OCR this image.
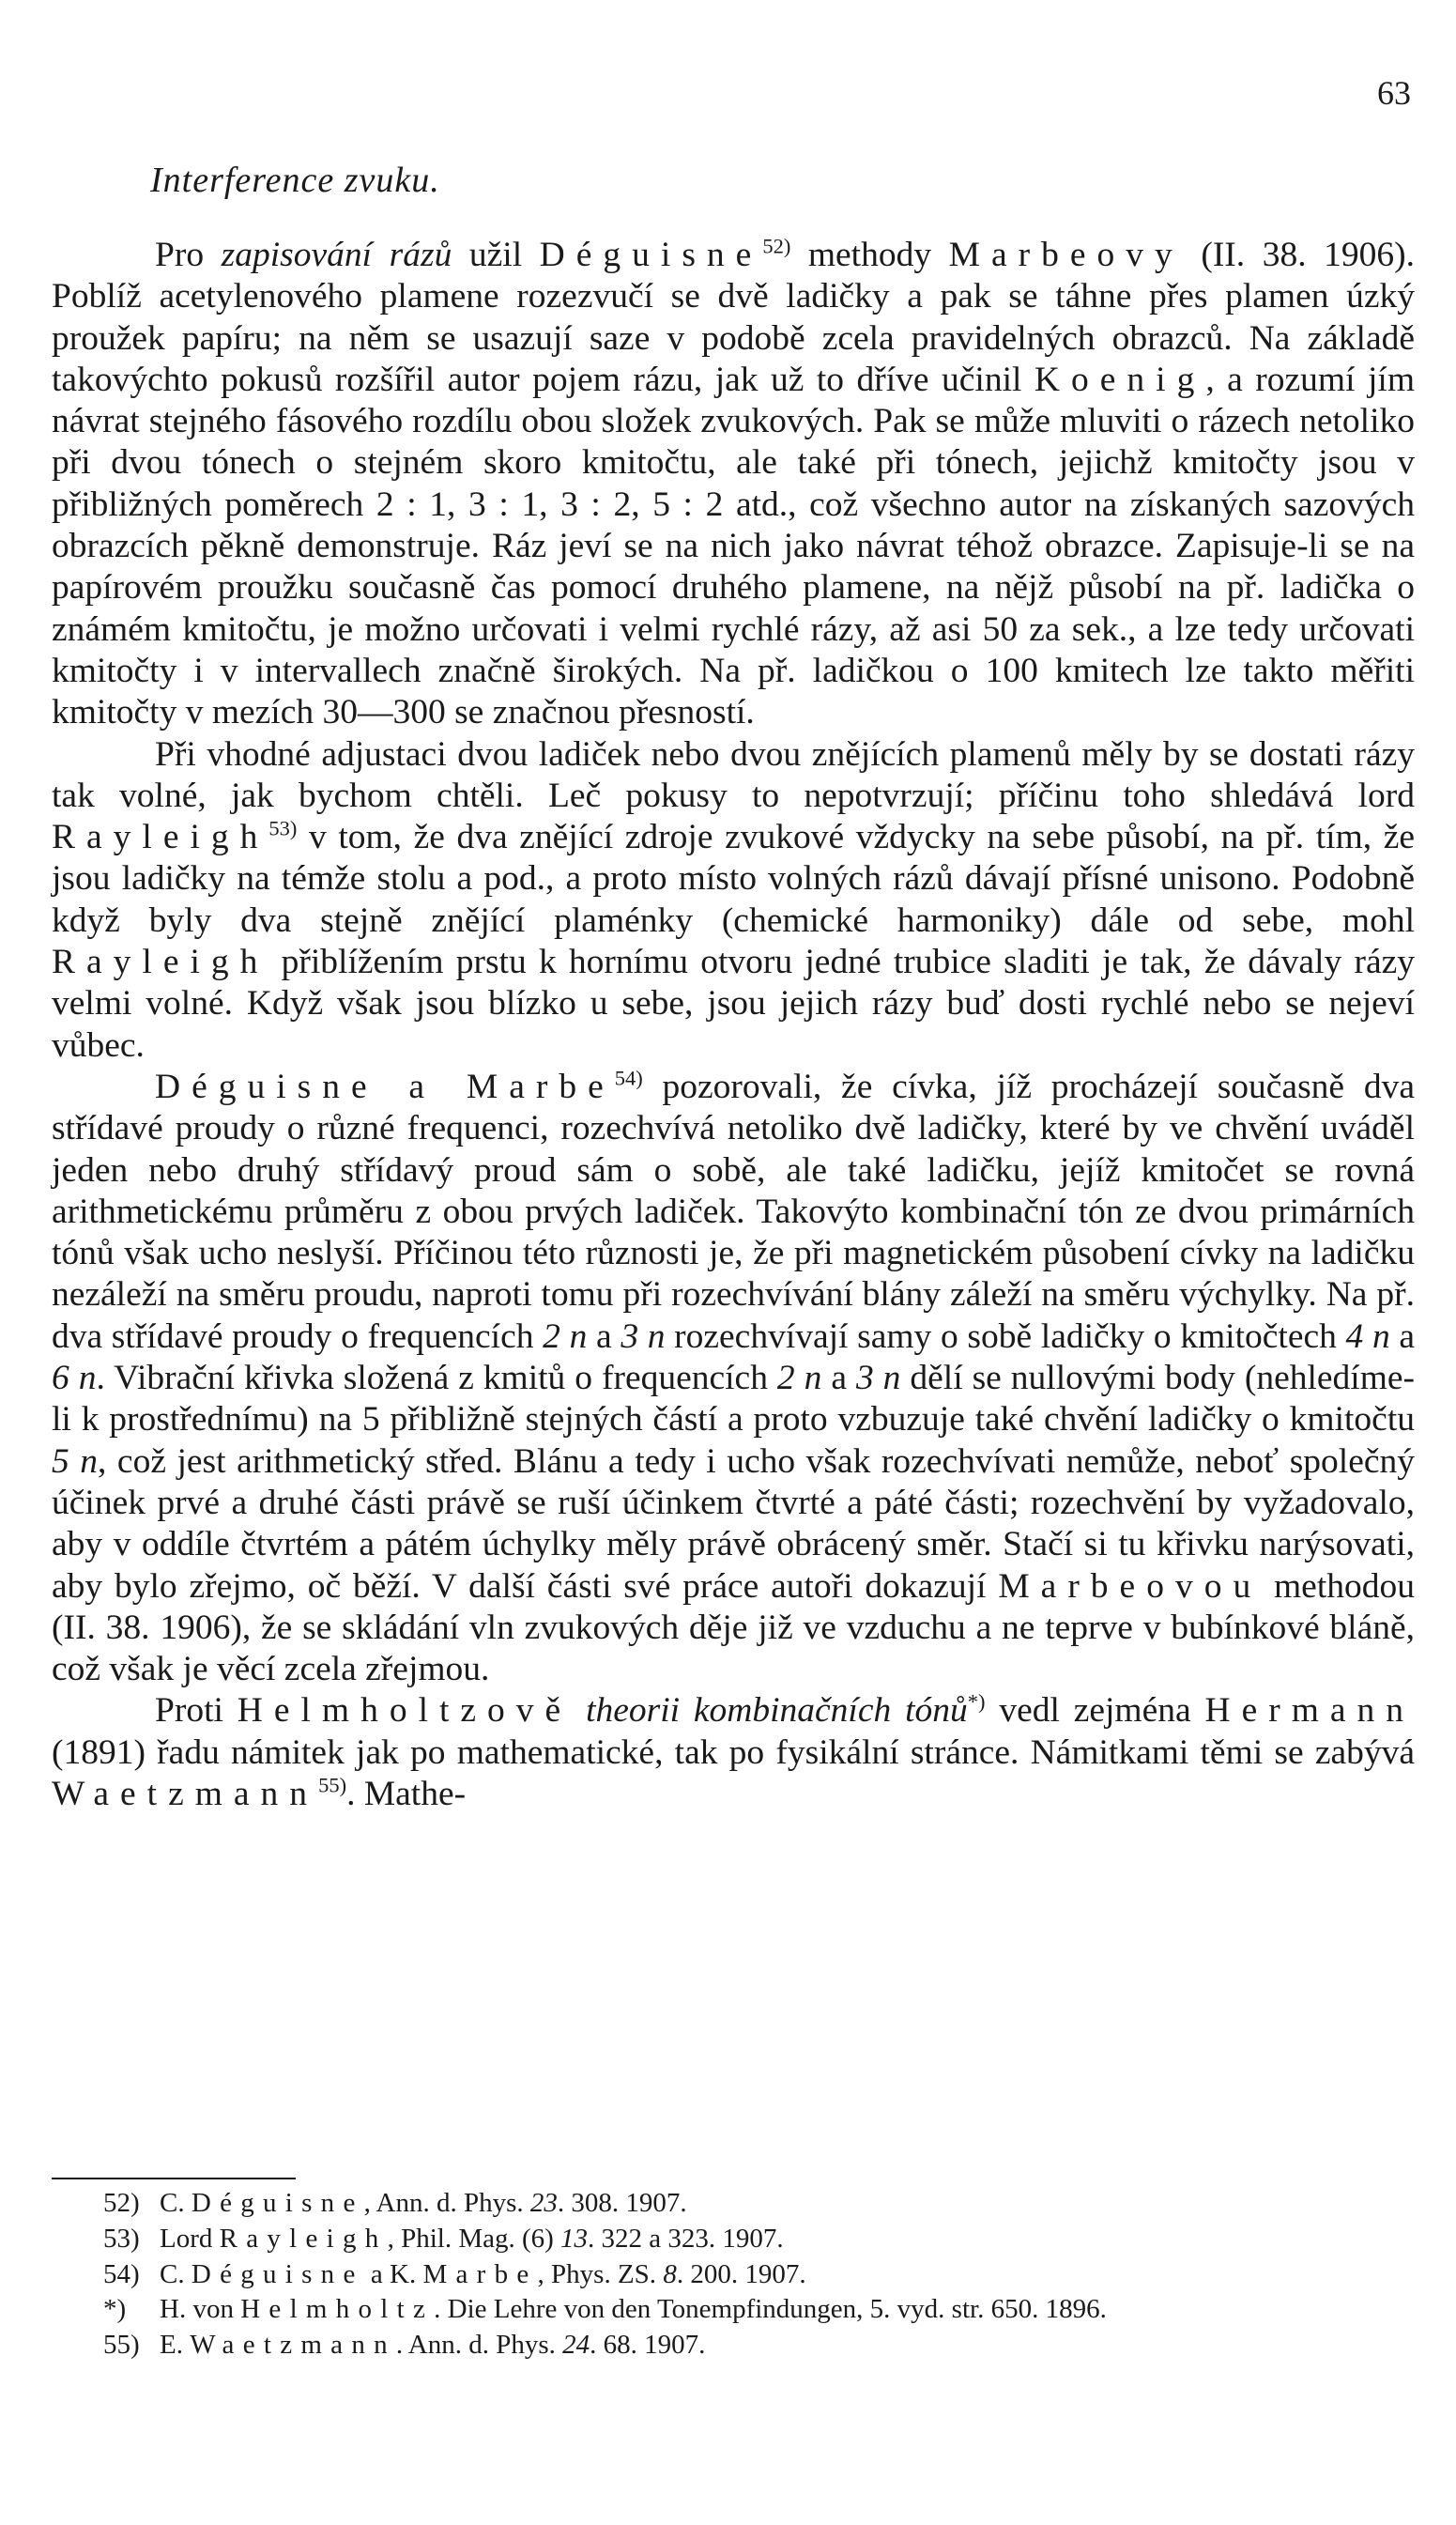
63
Interference zvuku.

Pro zapisování rázů užil Déguisne$^{52)}$ methody Marbeovy (II. 38. 1906). Poblíž acetylenového plamene rozezvučí se dvě ladičky a pak se táhne přes plamen úzký proužek papíru; na něm se usazují saze v podobě zcela pravidelných obrazců. Na základě takovýchto pokusů rozšířil autor pojem rázu, jak už to dříve učinil Koenig, a rozumí jím návrat stejného fásového rozdílu obou složek zvukových. Pak se může mluviti o rázech netoliko při dvou tónech o stejném skoro kmitočtu, ale také při tónech, jejichž kmitočty jsou v přibližných poměrech 2 : 1, 3 : 1, 3 : 2, 5 : 2 atd., což všechno autor na získaných sazových obrazcích pěkně demonstruje. Ráz jeví se na nich jako návrat téhož obrazce. Zapisuje-li se na papírovém proužku současně čas pomocí druhého plamene, na nějž působí na př. ladička o známém kmitočtu, je možno určovati i velmi rychlé rázy, až asi 50 za sek., a lze tedy určovati kmitočty i v intervallech značně širokých. Na př. ladičkou o 100 kmitech lze takto měřiti kmitočty v mezích 30—300 se značnou přesností.

Při vhodné adjustaci dvou ladiček nebo dvou znějících plamenů měly by se dostati rázy tak volné, jak bychom chtěli. Leč pokusy to nepotvrzují; příčinu toho shledává lord Rayleigh$^{53)}$ v tom, že dva znějící zdroje zvukové vždycky na sebe působí, na př. tím, že jsou ladičky na témže stolu a pod., a proto místo volných rázů dávají přísné unisono. Podobně když byly dva stejně znějící plaménky (chemické harmoniky) dále od sebe, mohl Rayleigh přiblížením prstu k hornímu otvoru jedné trubice sladiti je tak, že dávaly rázy velmi volné. Když však jsou blízko u sebe, jsou jejich rázy buď dosti rychlé nebo se nejeví vůbec.

Déguisne a Marbe$^{54)}$ pozorovali, že cívka, jíž procházejí současně dva střídavé proudy o různé frequenci, rozechvívá netoliko dvě ladičky, které by ve chvění uváděl jeden nebo druhý střídavý proud sám o sobě, ale také ladičku, jejíž kmitočet se rovná arithmetickému průměru z obou prvých ladiček. Takovýto kombinační tón ze dvou primárních tónů však ucho neslyší. Příčinou této různosti je, že při magnetickém působení cívky na ladičku nezáleží na směru proudu, naproti tomu při rozechvívání blány záleží na směru výchylky. Na př. dva střídavé proudy o frequencích 2 n a 3 n rozechvívají samy o sobě ladičky o kmitočtech 4 n a 6 n. Vibrační křivka složená z kmitů o frequencích 2 n a 3 n dělí se nullovými body (nehledíme-li k prostřednímu) na 5 přibližně stejných částí a proto vzbuzuje také chvění ladičky o kmitočtu 5 n, což jest arithmetický střed. Blánu a tedy i ucho však rozechvívati nemůže, neboť společný účinek prvé a druhé části právě se ruší účinkem čtvrté a páté části; rozechvění by vyžadovalo, aby v oddíle čtvrtém a pátém úchylky měly právě obrácený směr. Stačí si tu křivku narýsovati, aby bylo zřejmo, oč běží. V další části své práce autoři dokazují Marbeovou methodou (II. 38. 1906), že se skládání vln zvukových děje již ve vzduchu a ne teprve v bubínkové bláně, což však je věcí zcela zřejmou.

Proti Helmholtzově theorii kombinačních tónů*) vedl zejména Hermann (1891) řadu námitek jak po mathematické, tak po fysikální stránce. Námitkami těmi se zabývá Waetzmann$^{55)}$. Mathe-

52) C. Déguisne, Ann. d. Phys. 23. 308. 1907.

53) Lord Rayleigh, Phil. Mag. (6) 13. 322 a 323. 1907.

54) C. Déguisne a K. Marbe, Phys. ZS. 8. 200. 1907.

*) H. von Helmholtz. Die Lehre von den Tonempfindungen, 5. vyd. str. 650. 1896.

55) E. Waetzmann. Ann. d. Phys. 24. 68. 1907.
